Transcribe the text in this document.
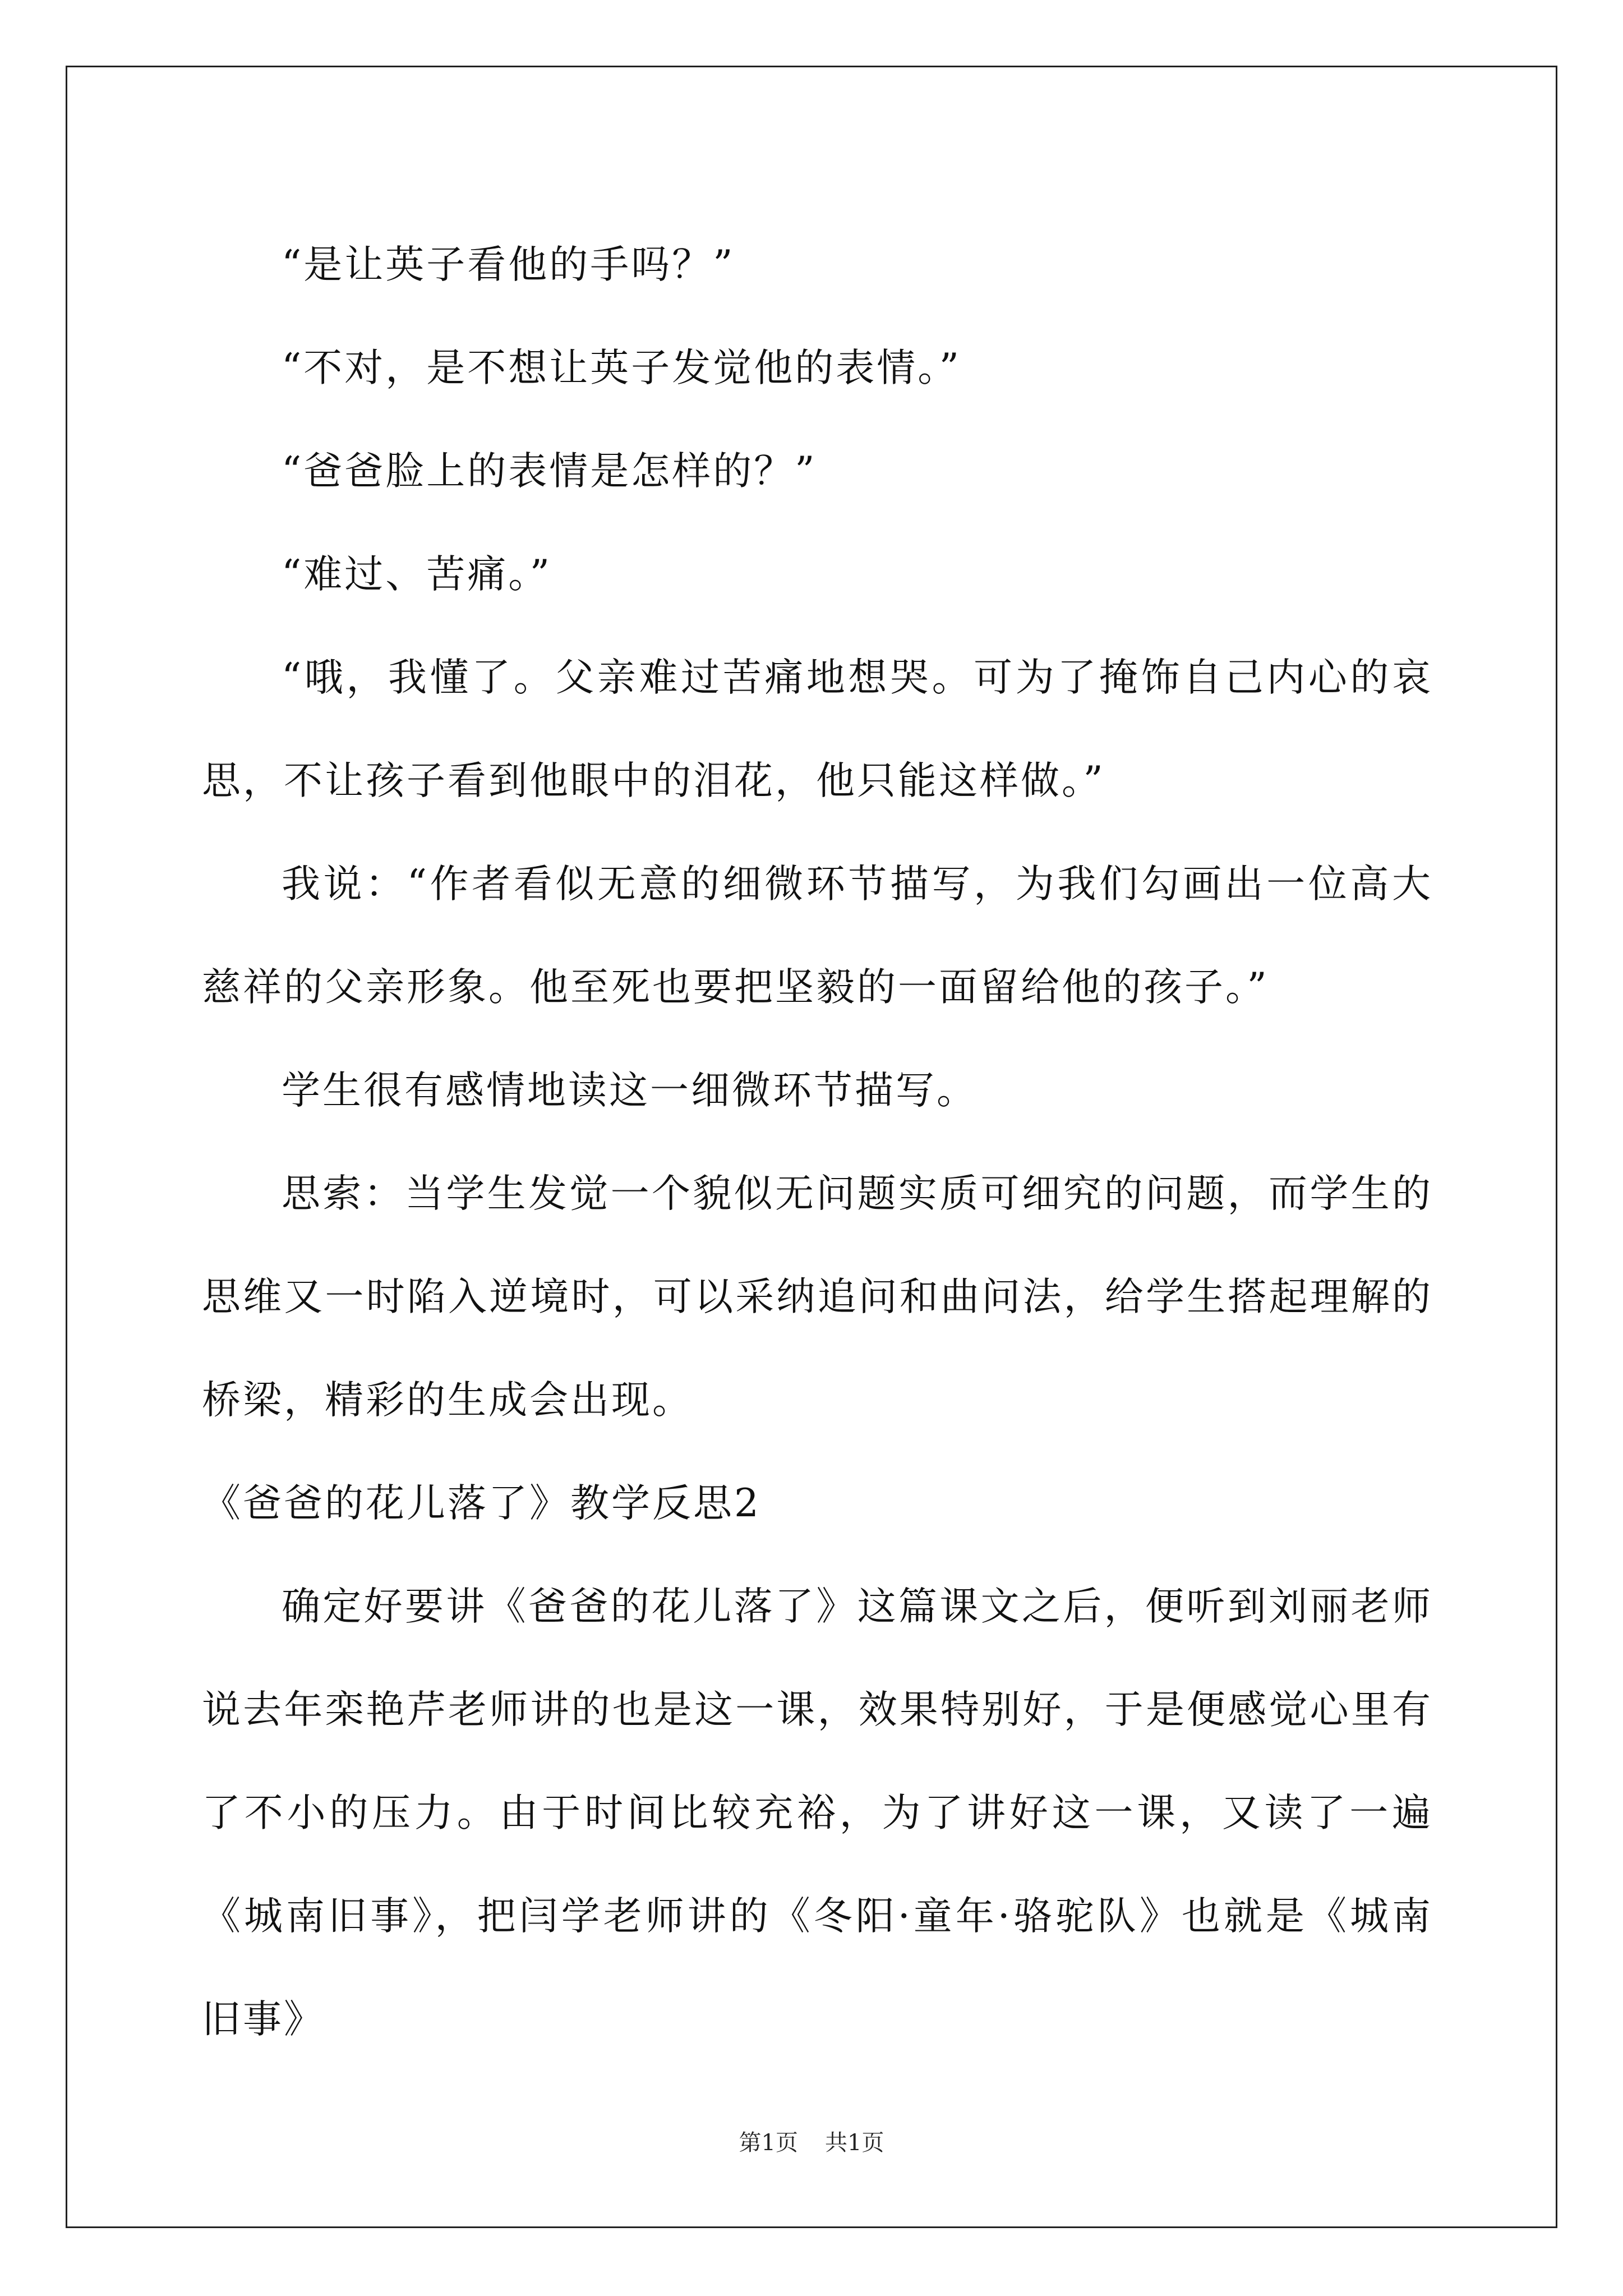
“是让英子看他的手吗？”

“不对，是不想让英子发觉他的表情。”

“爸爸脸上的表情是怎样的？”

“难过、苦痛。”

“哦，我懂了。父亲难过苦痛地想哭。可为了掩饰自己内心的哀思，不让孩子看到他眼中的泪花，他只能这样做。”

我说：“作者看似无意的细微环节描写，为我们勾画出一位高大慈祥的父亲形象。他至死也要把坚毅的一面留给他的孩子。”

学生很有感情地读这一细微环节描写。

思索：当学生发觉一个貌似无问题实质可细究的问题，而学生的思维又一时陷入逆境时，可以采纳追问和曲问法，给学生搭起理解的桥梁，精彩的生成会出现。

《爸爸的花儿落了》教学反思2

确定好要讲《爸爸的花儿落了》这篇课文之后，便听到刘丽老师说去年栾艳芹老师讲的也是这一课，效果特别好，于是便感觉心里有了不小的压力。由于时间比较充裕，为了讲好这一课，又读了一遍《城南旧事》，把闫学老师讲的《冬阳·童年·骆驼队》也就是《城南旧事》

第1页 共1页
